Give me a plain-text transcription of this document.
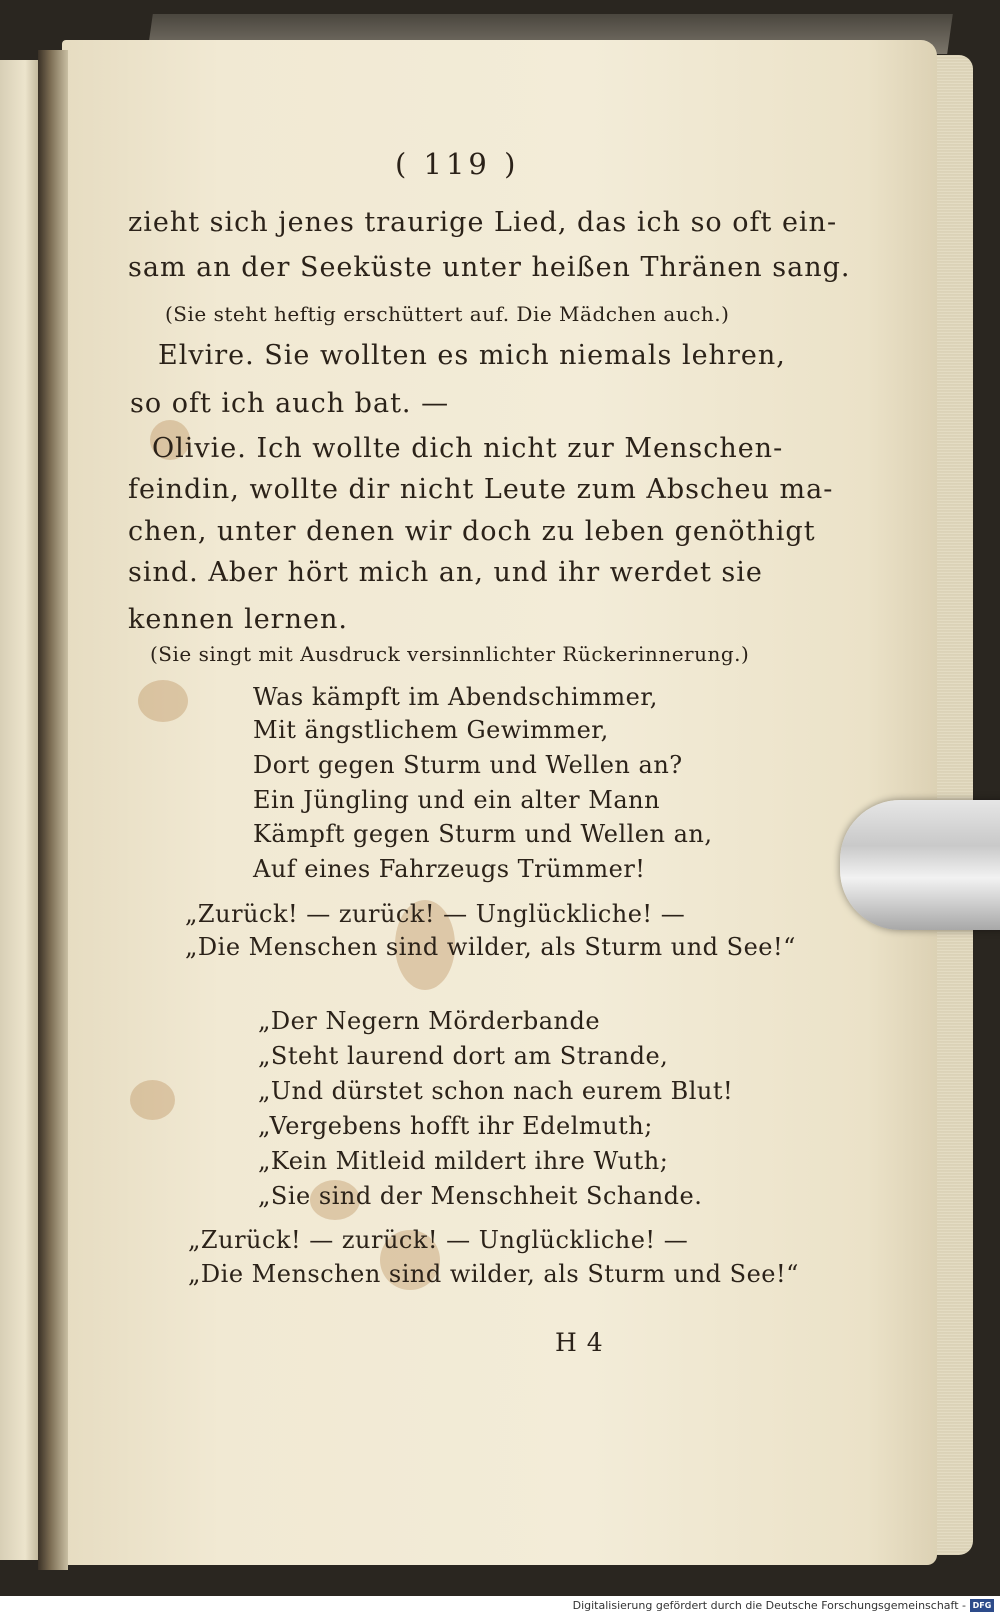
( 119 )
zieht sich jenes traurige Lied, das ich so oft ein-
sam an der Seeküste unter heißen Thränen sang.
(Sie steht heftig erschüttert auf. Die Mädchen auch.)
Elvire. Sie wollten es mich niemals lehren,
so oft ich auch bat. —
Olivie. Ich wollte dich nicht zur Menschen-
feindin, wollte dir nicht Leute zum Abscheu ma-
chen, unter denen wir doch zu leben genöthigt
sind. Aber hört mich an, und ihr werdet sie
kennen lernen.
(Sie singt mit Ausdruck versinnlichter Rückerinnerung.)
Was kämpft im Abendschimmer,
Mit ängstlichem Gewimmer,
Dort gegen Sturm und Wellen an?
Ein Jüngling und ein alter Mann
Kämpft gegen Sturm und Wellen an,
Auf eines Fahrzeugs Trümmer!
„Zurück! — zurück! — Unglückliche! —
„Die Menschen sind wilder, als Sturm und See!“
„Der Negern Mörderbande
„Steht laurend dort am Strande,
„Und dürstet schon nach eurem Blut!
„Vergebens hofft ihr Edelmuth;
„Kein Mitleid mildert ihre Wuth;
„Sie sind der Menschheit Schande.
„Zurück! — zurück! — Unglückliche! —
„Die Menschen sind wilder, als Sturm und See!“
H 4
Digitalisierung gefördert durch die Deutsche Forschungsgemeinschaft - DFG
